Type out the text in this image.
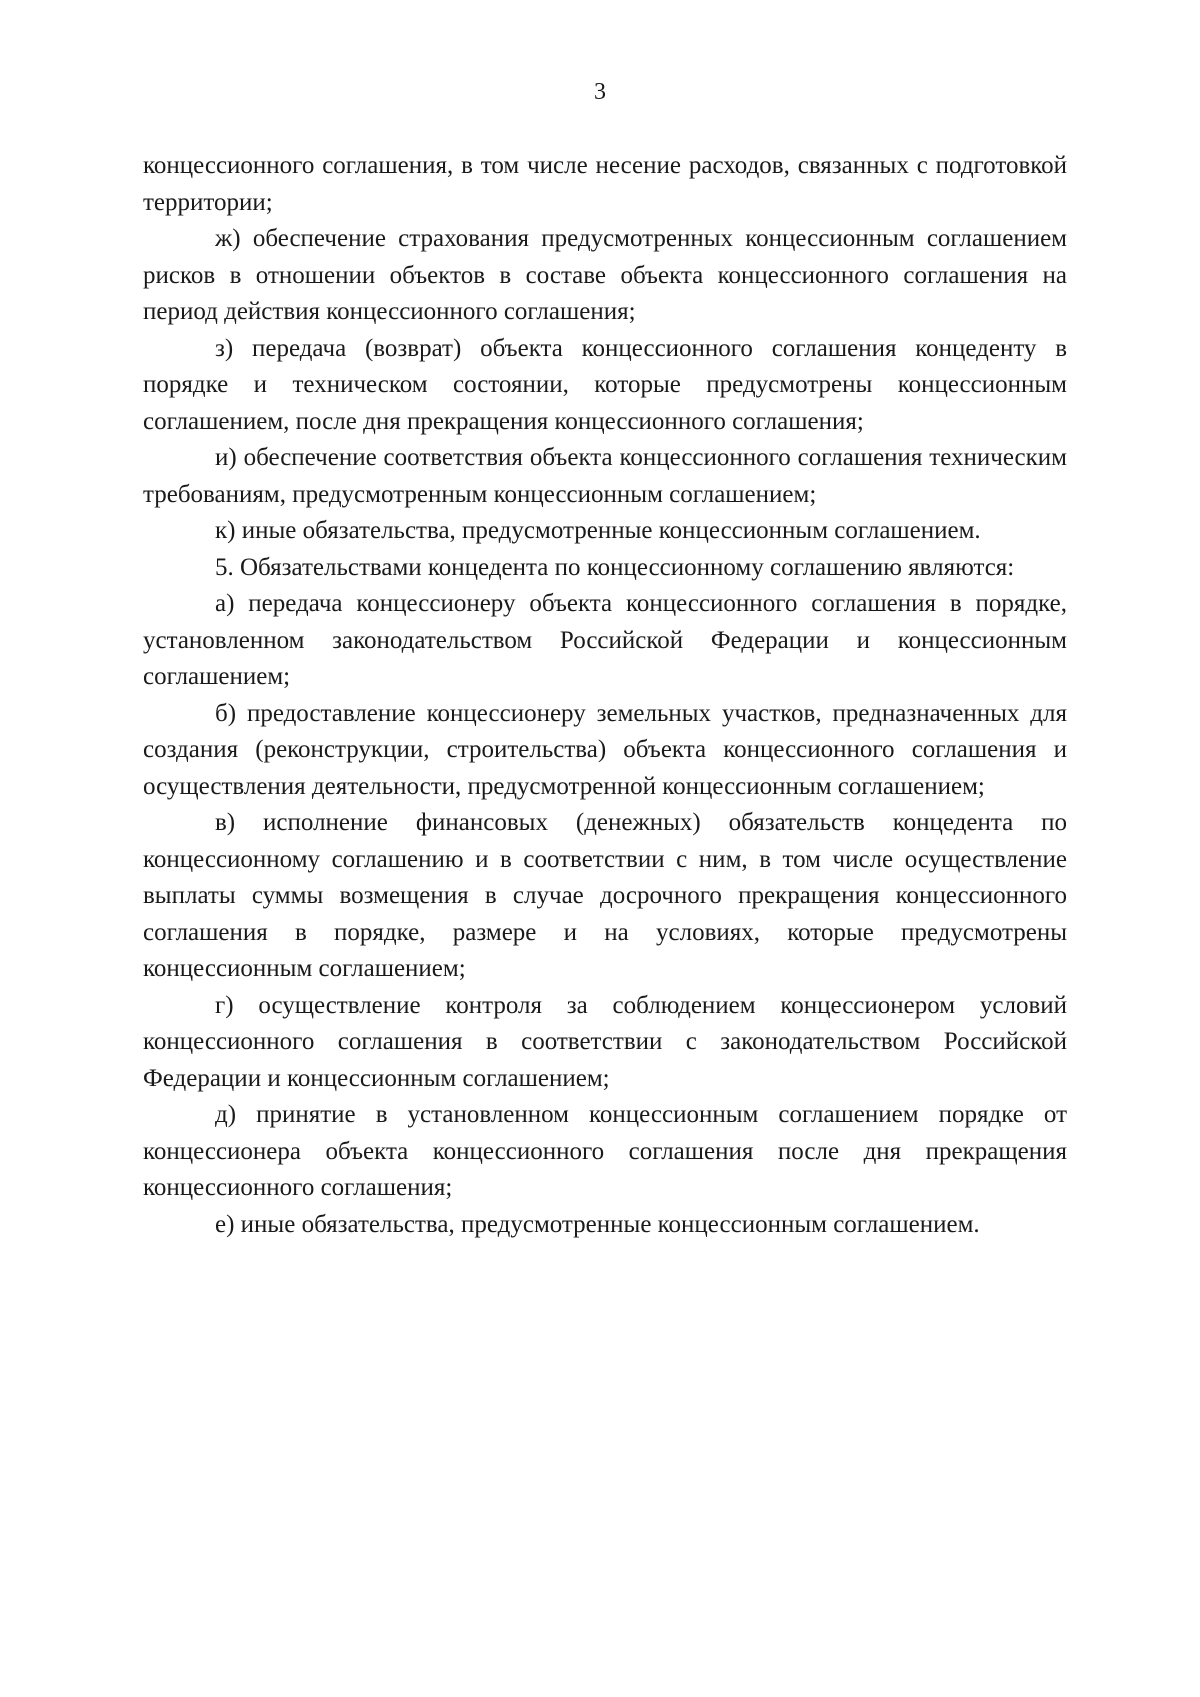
3

концессионного соглашения, в том числе несение расходов, связанных с подготовкой территории;

ж) обеспечение страхования предусмотренных концессионным соглашением рисков в отношении объектов в составе объекта концессионного соглашения на период действия концессионного соглашения;

з) передача (возврат) объекта концессионного соглашения концеденту в порядке и техническом состоянии, которые предусмотрены концессионным соглашением, после дня прекращения концессионного соглашения;

и) обеспечение соответствия объекта концессионного соглашения техническим требованиям, предусмотренным концессионным соглашением;

к) иные обязательства, предусмотренные концессионным соглашением.

5. Обязательствами концедента по концессионному соглашению являются:

а) передача концессионеру объекта концессионного соглашения в порядке, установленном законодательством Российской Федерации и концессионным соглашением;

б) предоставление концессионеру земельных участков, предназначенных для создания (реконструкции, строительства) объекта концессионного соглашения и осуществления деятельности, предусмотренной концессионным соглашением;

в) исполнение финансовых (денежных) обязательств концедента по концессионному соглашению и в соответствии с ним, в том числе осуществление выплаты суммы возмещения в случае досрочного прекращения концессионного соглашения в порядке, размере и на условиях, которые предусмотрены концессионным соглашением;

г) осуществление контроля за соблюдением концессионером условий концессионного соглашения в соответствии с законодательством Российской Федерации и концессионным соглашением;

д) принятие в установленном концессионным соглашением порядке от концессионера объекта концессионного соглашения после дня прекращения концессионного соглашения;

е) иные обязательства, предусмотренные концессионным соглашением.
